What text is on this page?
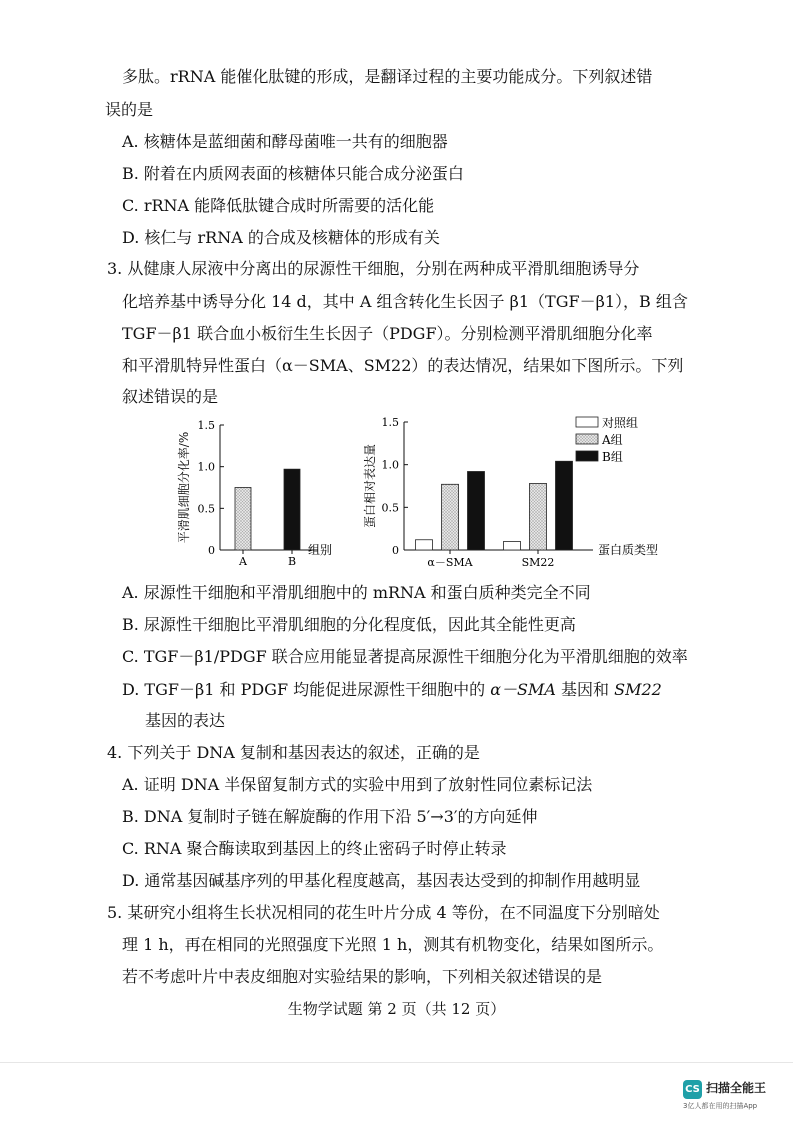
多肽。rRNA 能催化肽键的形成，是翻译过程的主要功能成分。下列叙述错
误的是
A. 核糖体是蓝细菌和酵母菌唯一共有的细胞器
B. 附着在内质网表面的核糖体只能合成分泌蛋白
C. rRNA 能降低肽键合成时所需要的活化能
D. 核仁与 rRNA 的合成及核糖体的形成有关
3. 从健康人尿液中分离出的尿源性干细胞，分别在两种成平滑肌细胞诱导分
化培养基中诱导分化 14 d，其中 A 组含转化生长因子 β1（TGF－β1），B 组含
TGF－β1 联合血小板衍生生长因子（PDGF）。分别检测平滑肌细胞分化率
和平滑肌特异性蛋白（α－SMA、SM22）的表达情况，结果如下图所示。下列
叙述错误的是
平滑肌细胞分化率/%
0
0.5
1.0
1.5
A	B
组别
蛋白相对表达量
0
0.5
1.0
1.5
α－SMA	SM22
蛋白质类型
对照组
A组
B组
A. 尿源性干细胞和平滑肌细胞中的 mRNA 和蛋白质种类完全不同
B. 尿源性干细胞比平滑肌细胞的分化程度低，因此其全能性更高
C. TGF－β1/PDGF 联合应用能显著提高尿源性干细胞分化为平滑肌细胞的效率
D. TGF－β1 和 PDGF 均能促进尿源性干细胞中的 α－SMA 基因和 SM22
基因的表达
4. 下列关于 DNA 复制和基因表达的叙述，正确的是
A. 证明 DNA 半保留复制方式的实验中用到了放射性同位素标记法
B. DNA 复制时子链在解旋酶的作用下沿 5′→3′的方向延伸
C. RNA 聚合酶读取到基因上的终止密码子时停止转录
D. 通常基因碱基序列的甲基化程度越高，基因表达受到的抑制作用越明显
5. 某研究小组将生长状况相同的花生叶片分成 4 等份，在不同温度下分别暗处
理 1 h，再在相同的光照强度下光照 1 h，测其有机物变化，结果如图所示。
若不考虑叶片中表皮细胞对实验结果的影响，下列相关叙述错误的是
生物学试题 第 2 页（共 12 页）
CS 扫描全能王
3亿人都在用的扫描App
